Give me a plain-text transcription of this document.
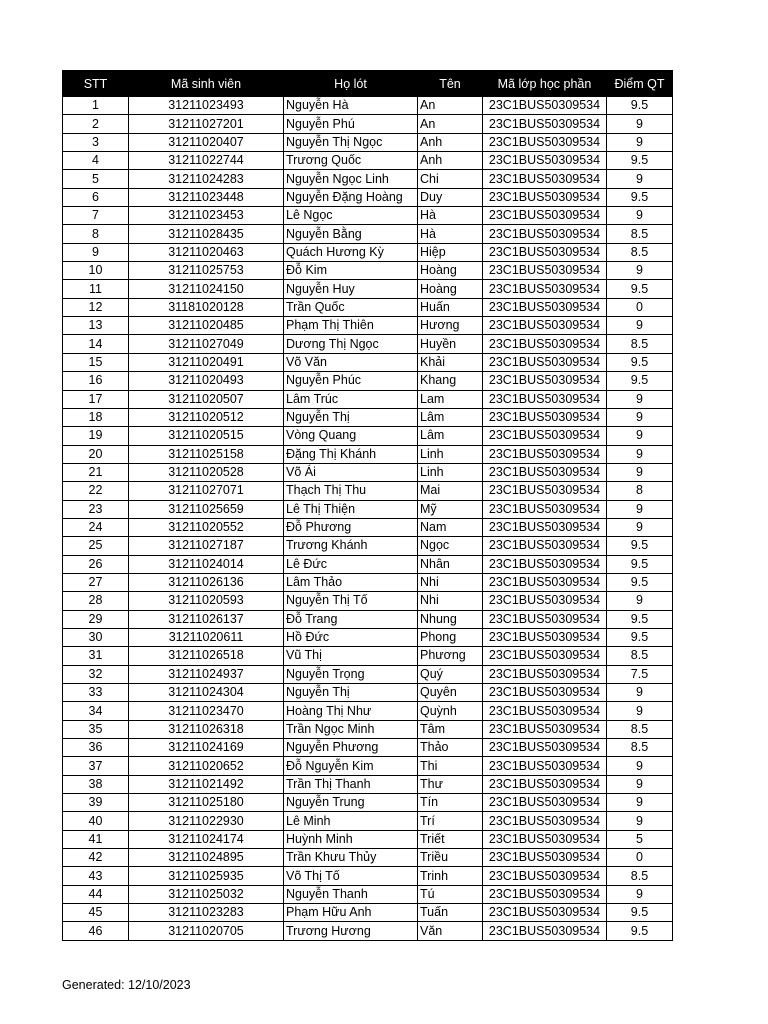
STT	Mã sinh viên	Họ lót	Tên	Mã lớp học phần	Điểm QT
1	31211023493	Nguyễn Hà	An	23C1BUS50309534	9.5
2	31211027201	Nguyễn Phú	An	23C1BUS50309534	9
3	31211020407	Nguyễn Thị Ngọc	Anh	23C1BUS50309534	9
4	31211022744	Trương Quốc	Anh	23C1BUS50309534	9.5
5	31211024283	Nguyễn Ngọc Linh	Chi	23C1BUS50309534	9
6	31211023448	Nguyễn Đặng Hoàng	Duy	23C1BUS50309534	9.5
7	31211023453	Lê Ngọc	Hà	23C1BUS50309534	9
8	31211028435	Nguyễn Bằng	Hà	23C1BUS50309534	8.5
9	31211020463	Quách Hương Kỳ	Hiệp	23C1BUS50309534	8.5
10	31211025753	Đỗ Kim	Hoàng	23C1BUS50309534	9
11	31211024150	Nguyễn Huy	Hoàng	23C1BUS50309534	9.5
12	31181020128	Trần Quốc	Huấn	23C1BUS50309534	0
13	31211020485	Phạm Thị Thiên	Hương	23C1BUS50309534	9
14	31211027049	Dương Thị Ngọc	Huyền	23C1BUS50309534	8.5
15	31211020491	Võ Văn	Khải	23C1BUS50309534	9.5
16	31211020493	Nguyễn Phúc	Khang	23C1BUS50309534	9.5
17	31211020507	Lâm Trúc	Lam	23C1BUS50309534	9
18	31211020512	Nguyễn Thị	Lâm	23C1BUS50309534	9
19	31211020515	Vòng Quang	Lâm	23C1BUS50309534	9
20	31211025158	Đặng Thị Khánh	Linh	23C1BUS50309534	9
21	31211020528	Võ Ái	Linh	23C1BUS50309534	9
22	31211027071	Thạch Thị Thu	Mai	23C1BUS50309534	8
23	31211025659	Lê Thị Thiện	Mỹ	23C1BUS50309534	9
24	31211020552	Đỗ Phương	Nam	23C1BUS50309534	9
25	31211027187	Trương Khánh	Ngọc	23C1BUS50309534	9.5
26	31211024014	Lê Đức	Nhân	23C1BUS50309534	9.5
27	31211026136	Lâm Thảo	Nhi	23C1BUS50309534	9.5
28	31211020593	Nguyễn Thị Tố	Nhi	23C1BUS50309534	9
29	31211026137	Đỗ Trang	Nhung	23C1BUS50309534	9.5
30	31211020611	Hồ Đức	Phong	23C1BUS50309534	9.5
31	31211026518	Vũ Thị	Phương	23C1BUS50309534	8.5
32	31211024937	Nguyễn Trọng	Quý	23C1BUS50309534	7.5
33	31211024304	Nguyễn Thị	Quyên	23C1BUS50309534	9
34	31211023470	Hoàng Thị Như	Quỳnh	23C1BUS50309534	9
35	31211026318	Trần Ngọc Minh	Tâm	23C1BUS50309534	8.5
36	31211024169	Nguyễn Phương	Thảo	23C1BUS50309534	8.5
37	31211020652	Đỗ Nguyễn Kim	Thi	23C1BUS50309534	9
38	31211021492	Trần Thị Thanh	Thư	23C1BUS50309534	9
39	31211025180	Nguyễn Trung	Tín	23C1BUS50309534	9
40	31211022930	Lê Minh	Trí	23C1BUS50309534	9
41	31211024174	Huỳnh Minh	Triết	23C1BUS50309534	5
42	31211024895	Trần Khưu Thủy	Triều	23C1BUS50309534	0
43	31211025935	Võ Thị Tố	Trinh	23C1BUS50309534	8.5
44	31211025032	Nguyễn Thanh	Tú	23C1BUS50309534	9
45	31211023283	Phạm Hữu Anh	Tuấn	23C1BUS50309534	9.5
46	31211020705	Trương Hương	Văn	23C1BUS50309534	9.5
Generated: 12/10/2023
